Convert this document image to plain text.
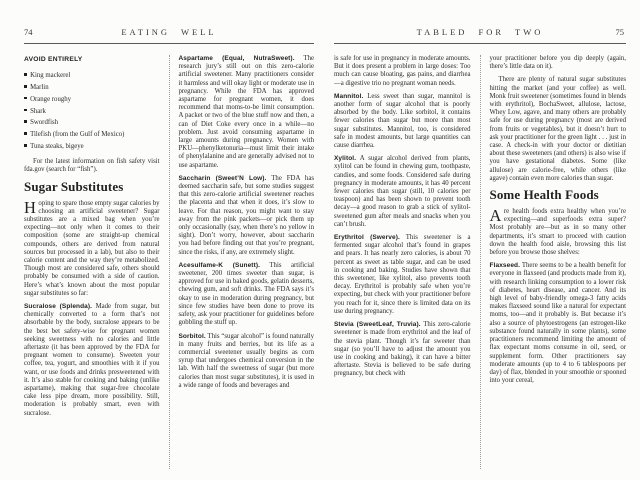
74	EATING WELL
AVOID ENTIRELY
King mackerel
Marlin
Orange roughy
Shark
Swordfish
Tilefish (from the Gulf of Mexico)
Tuna steaks, bigeye

For the latest information on fish safety visit fda.gov (search for “fish”).

Sugar Substitutes

Hoping to spare those empty sugar calories by choosing an artificial sweetener? Sugar substitutes are a mixed bag when you’re expecting—not only when it comes to their composition (some are straight-up chemical compounds, others are derived from natural sources but processed in a lab), but also to their calorie content and the way they’re metabolized. Though most are considered safe, others should probably be consumed with a side of caution. Here’s what’s known about the most popular sugar substitutes so far:

Sucralose (Splenda). Made from sugar, but chemically converted to a form that’s not absorbable by the body, sucralose appears to be the best bet safety-wise for pregnant women seeking sweetness with no calories and little aftertaste (it has been approved by the FDA for pregnant women to consume). Sweeten your coffee, tea, yogurt, and smoothies with it if you want, or use foods and drinks presweetened with it. It’s also stable for cooking and baking (unlike aspartame), making that sugar-free chocolate cake less pipe dream, more possibility. Still, moderation is probably smart, even with sucralose.

Aspartame (Equal, NutraSweet). The research jury’s still out on this zero-calorie artificial sweetener. Many practitioners consider it harmless and will okay light or moderate use in pregnancy. While the FDA has approved aspartame for pregnant women, it does recommend that moms-to-be limit consumption. A packet or two of the blue stuff now and then, a can of Diet Coke every once in a while—no problem. Just avoid consuming aspartame in large amounts during pregnancy. Women with PKU—phenylketonuria—must limit their intake of phenylalanine and are generally advised not to use aspartame.

Saccharin (Sweet’N Low). The FDA has deemed saccharin safe, but some studies suggest that this zero-calorie artificial sweetener reaches the placenta and that when it does, it’s slow to leave. For that reason, you might want to stay away from the pink packets—or pick them up only occasionally (say, when there’s no yellow in sight). Don’t worry, however, about saccharin you had before finding out that you’re pregnant, since the risks, if any, are extremely slight.

Acesulfame-K (Sunett). This artificial sweetener, 200 times sweeter than sugar, is approved for use in baked goods, gelatin desserts, chewing gum, and soft drinks. The FDA says it’s okay to use in moderation during pregnancy, but since few studies have been done to prove its safety, ask your practitioner for guidelines before gobbling the stuff up.

Sorbitol. This “sugar alcohol” is found naturally in many fruits and berries, but its life as a commercial sweetener usually begins as corn syrup that undergoes chemical conversion in the lab. With half the sweetness of sugar (but more calories than most sugar substitutes), it is used in a wide range of foods and beverages and

TABLED FOR TWO	75

is safe for use in pregnancy in moderate amounts. But it does present a problem in large doses: Too much can cause bloating, gas pains, and diarrhea—a digestive trio no pregnant woman needs.

Mannitol. Less sweet than sugar, mannitol is another form of sugar alcohol that is poorly absorbed by the body. Like sorbitol, it contains fewer calories than sugar but more than most sugar substitutes. Mannitol, too, is considered safe in modest amounts, but large quantities can cause diarrhea.

Xylitol. A sugar alcohol derived from plants, xylitol can be found in chewing gum, toothpaste, candies, and some foods. Considered safe during pregnancy in moderate amounts, it has 40 percent fewer calories than sugar (still, 10 calories per teaspoon) and has been shown to prevent tooth decay—a good reason to grab a stick of xylitol-sweetened gum after meals and snacks when you can’t brush.

Erythritol (Swerve). This sweetener is a fermented sugar alcohol that’s found in grapes and pears. It has nearly zero calories, is about 70 percent as sweet as table sugar, and can be used in cooking and baking. Studies have shown that this sweetener, like xylitol, also prevents tooth decay. Erythritol is probably safe when you’re expecting, but check with your practitioner before you reach for it, since there is limited data on its use during pregnancy.

Stevia (SweetLeaf, Truvia). This zero-calorie sweetener is made from erythritol and the leaf of the stevia plant. Though it’s far sweeter than sugar (so you’ll have to adjust the amount you use in cooking and baking), it can have a bitter aftertaste. Stevia is believed to be safe during pregnancy, but check with

your practitioner before you dip deeply (again, there’s little data on it).

There are plenty of natural sugar substitutes hitting the market (and your coffee) as well. Monk fruit sweetener (sometimes found in blends with erythritol), BochaSweet, allulose, lactose, Whey Low, agave, and many others are probably safe for use during pregnancy (most are derived from fruits or vegetables), but it doesn’t hurt to ask your practitioner for the green light . . . just in case. A check-in with your doctor or dietitian about these sweeteners (and others) is also wise if you have gestational diabetes. Some (like allulose) are calorie-free, while others (like agave) contain even more calories than sugar.

Some Health Foods

Are health foods extra healthy when you’re expecting—and superfoods extra super? Most probably are—but as in so many other departments, it’s smart to proceed with caution down the health food aisle, browsing this list before you browse those shelves:

Flaxseed. There seems to be a health benefit for everyone in flaxseed (and products made from it), with research linking consumption to a lower risk of diabetes, heart disease, and cancer. And its high level of baby-friendly omega-3 fatty acids makes flaxseed sound like a natural for expectant moms, too—and it probably is. But because it’s also a source of phytoestrogens (an estrogen-like substance found naturally in some plants), some practitioners recommend limiting the amount of flax expectant moms consume in oil, seed, or supplement form. Other practitioners say moderate amounts (up to 4 to 6 tablespoons per day) of flax, blended in your smoothie or spooned into your cereal,
